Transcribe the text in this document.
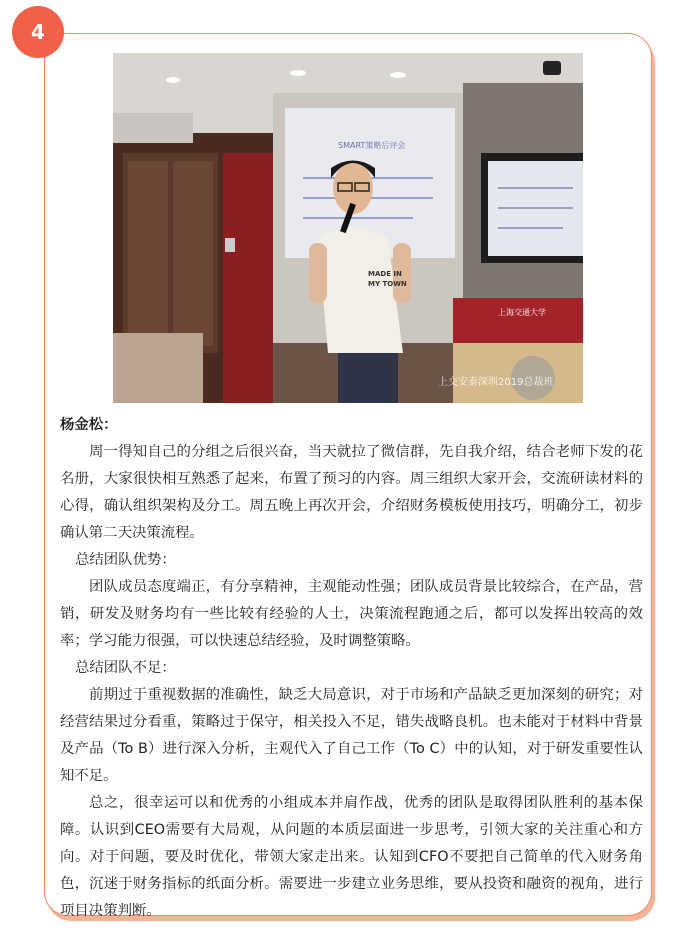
4
SMART策略后评会
上海交通大学
MADE IN
MY TOWN
上交安泰深圳2019总裁班

杨金松：

周一得知自己的分组之后很兴奋，当天就拉了微信群，先自我介绍，结合老师下发的花名册，大家很快相互熟悉了起来，布置了预习的内容。周三组织大家开会，交流研读材料的心得，确认组织架构及分工。周五晚上再次开会，介绍财务模板使用技巧，明确分工，初步确认第二天决策流程。

总结团队优势：

团队成员态度端正，有分享精神，主观能动性强；团队成员背景比较综合，在产品，营销，研发及财务均有一些比较有经验的人士，决策流程跑通之后，都可以发挥出较高的效率；学习能力很强，可以快速总结经验，及时调整策略。

总结团队不足：

前期过于重视数据的准确性，缺乏大局意识，对于市场和产品缺乏更加深刻的研究；对经营结果过分看重，策略过于保守，相关投入不足，错失战略良机。也未能对于材料中背景及产品（To B）进行深入分析，主观代入了自己工作（To C）中的认知，对于研发重要性认知不足。

总之，很幸运可以和优秀的小组成本并肩作战，优秀的团队是取得团队胜利的基本保障。认识到CEO需要有大局观，从问题的本质层面进一步思考，引领大家的关注重心和方向。对于问题，要及时优化，带领大家走出来。认知到CFO不要把自己简单的代入财务角色，沉迷于财务指标的纸面分析。需要进一步建立业务思维，要从投资和融资的视角，进行项目决策判断。
